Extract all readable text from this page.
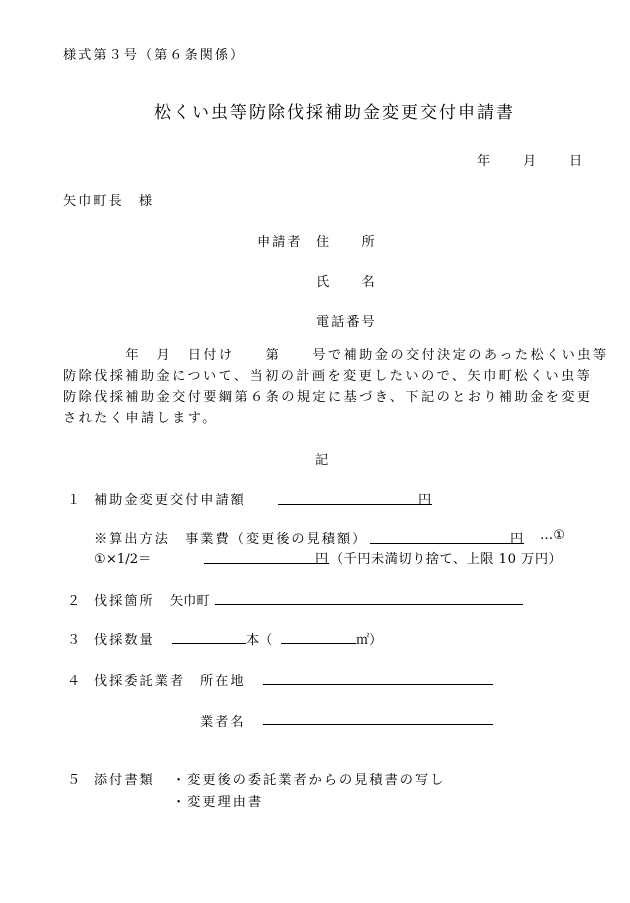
様式第３号（第６条関係）
松くい虫等防除伐採補助金変更交付申請書
年 月 日
矢巾町長　様
申請者 住　　所
氏　　名
電話番号
　　　　年　月　日付け　　第　　号で補助金の交付決定のあった松くい虫等
防除伐採補助金について、当初の計画を変更したいので、矢巾町松くい虫等
防除伐採補助金交付要綱第６条の規定に基づき、下記のとおり補助金を変更
されたく申請します。
記
１ 補助金変更交付申請額	円
※算出方法　事業費（変更後の見積額）	円 …①
①×1/2＝	円 （千円未満切り捨て、上限 10 万円）
２ 伐採箇所 矢巾町
３ 伐採数量	本（	㎡）
４ 伐採委託業者 所在地
業者名
５ 添付書類 ・変更後の委託業者からの見積書の写し
・変更理由書
